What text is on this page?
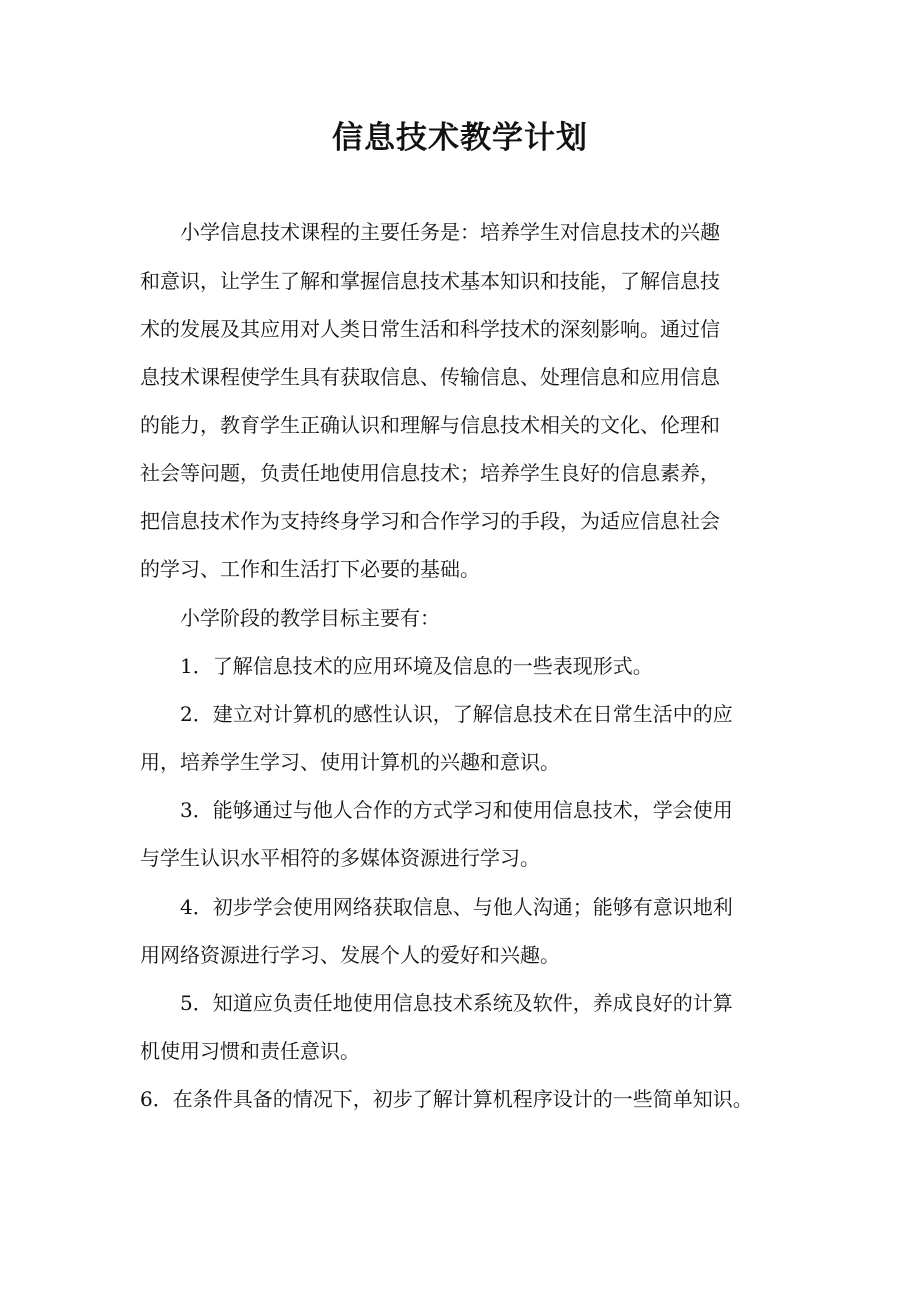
信息技术教学计划
小学信息技术课程的主要任务是：培养学生对信息技术的兴趣
和意识，让学生了解和掌握信息技术基本知识和技能，了解信息技
术的发展及其应用对人类日常生活和科学技术的深刻影响。通过信
息技术课程使学生具有获取信息、传输信息、处理信息和应用信息
的能力，教育学生正确认识和理解与信息技术相关的文化、伦理和
社会等问题，负责任地使用信息技术；培养学生良好的信息素养，
把信息技术作为支持终身学习和合作学习的手段，为适应信息社会
的学习、工作和生活打下必要的基础。
小学阶段的教学目标主要有：
1．了解信息技术的应用环境及信息的一些表现形式。
2．建立对计算机的感性认识，了解信息技术在日常生活中的应
用，培养学生学习、使用计算机的兴趣和意识。
3．能够通过与他人合作的方式学习和使用信息技术，学会使用
与学生认识水平相符的多媒体资源进行学习。
4．初步学会使用网络获取信息、与他人沟通；能够有意识地利
用网络资源进行学习、发展个人的爱好和兴趣。
5．知道应负责任地使用信息技术系统及软件，养成良好的计算
机使用习惯和责任意识。
6．在条件具备的情况下，初步了解计算机程序设计的一些简单知识。
